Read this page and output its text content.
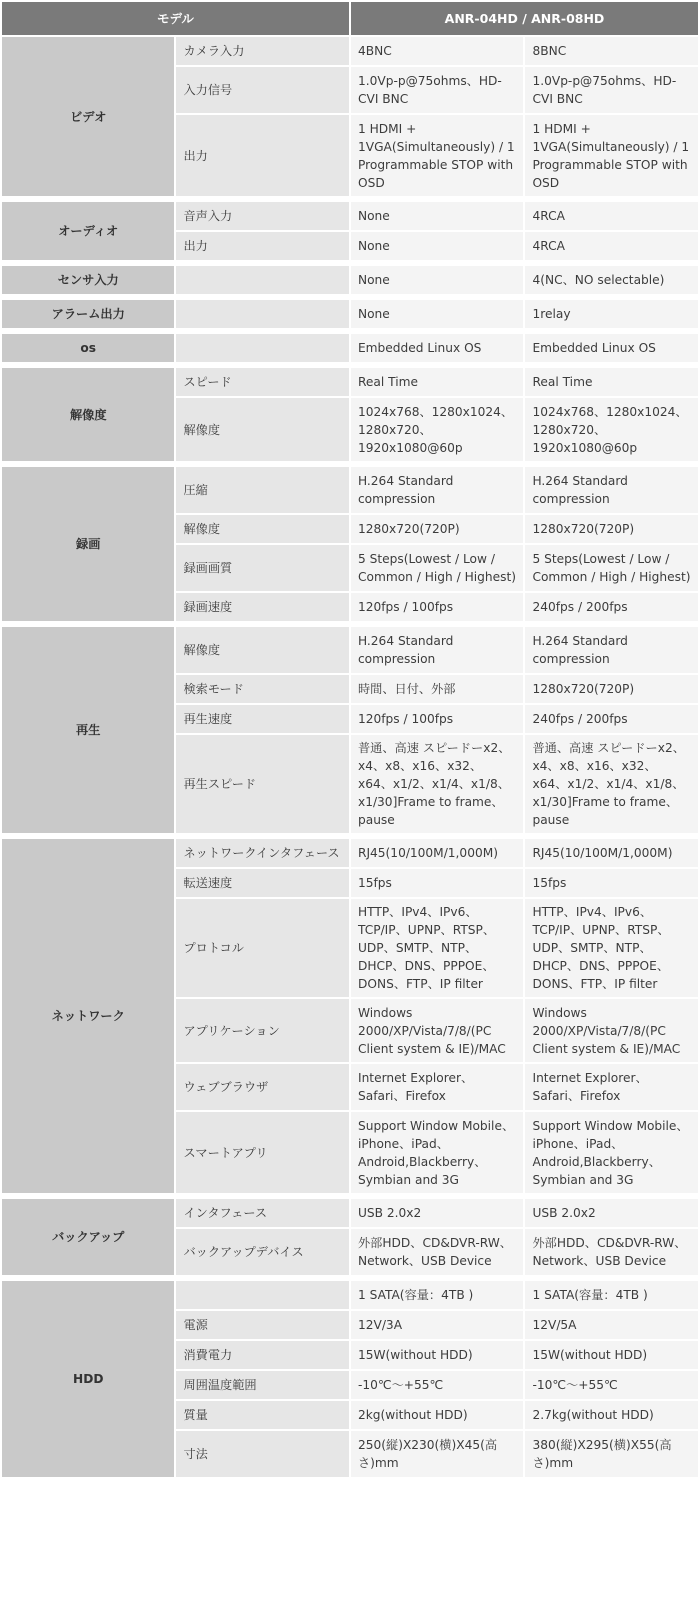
モデル		ANR-04HD / ANR-08HD	
ビデオ	カメラ入力	4BNC	8BNC
	入力信号	1.0Vp-p@75ohms、HD-CVI BNC	1.0Vp-p@75ohms、HD-CVI BNC
	出力	1 HDMI + 1VGA(Simultaneously) / 1 Programmable STOP with OSD	1 HDMI + 1VGA(Simultaneously) / 1 Programmable STOP with OSD

オーディオ	音声入力	None	4RCA
	出力	None	4RCA

センサ入力		None	4(NC、NO selectable)

アラーム出力		None	1relay

os		Embedded Linux OS	Embedded Linux OS

解像度	スピード	Real Time	Real Time
	解像度	1024x768、1280x1024、1280x720、1920x1080@60p	1024x768、1280x1024、1280x720、1920x1080@60p

録画	圧縮	H.264 Standard compression	H.264 Standard compression
	解像度	1280x720(720P)	1280x720(720P)
	録画画質	5 Steps(Lowest / Low / Common / High / Highest)	5 Steps(Lowest / Low / Common / High / Highest)
	録画速度	120fps / 100fps	240fps / 200fps

再生	解像度	H.264 Standard compression	H.264 Standard compression
	検索モード	時間、日付、外部	1280x720(720P)
	再生速度	120fps / 100fps	240fps / 200fps
	再生スピード	普通、高速 スピードーx2、x4、x8、x16、x32、x64、x1/2、x1/4、x1/8、x1/30]Frame to frame、pause	普通、高速 スピードーx2、x4、x8、x16、x32、x64、x1/2、x1/4、x1/8、x1/30]Frame to frame、pause

ネットワーク	ネットワークインタフェース	RJ45(10/100M/1,000M)	RJ45(10/100M/1,000M)
	転送速度	15fps	15fps
	プロトコル	HTTP、IPv4、IPv6、TCP/IP、UPNP、RTSP、UDP、SMTP、NTP、DHCP、DNS、PPPOE、DONS、FTP、IP filter	HTTP、IPv4、IPv6、TCP/IP、UPNP、RTSP、UDP、SMTP、NTP、DHCP、DNS、PPPOE、DONS、FTP、IP filter
	アプリケーション	Windows 2000/XP/Vista/7/8/(PC Client system & IE)/MAC	Windows 2000/XP/Vista/7/8/(PC Client system & IE)/MAC
	ウェブブラウザ	Internet Explorer、Safari、Firefox	Internet Explorer、Safari、Firefox
	スマートアプリ	Support Window Mobile、iPhone、iPad、Android,Blackberry、Symbian and 3G	Support Window Mobile、iPhone、iPad、Android,Blackberry、Symbian and 3G

バックアップ	インタフェース	USB 2.0x2	USB 2.0x2
	バックアップデバイス	外部HDD、CD&DVR-RW、Network、USB Device	外部HDD、CD&DVR-RW、Network、USB Device

HDD		1 SATA(容量：4TB )	1 SATA(容量：4TB )
	電源	12V/3A	12V/5A
	消費電力	15W(without HDD)	15W(without HDD)
	周囲温度範囲	-10℃～+55℃	-10℃～+55℃
	質量	2kg(without HDD)	2.7kg(without HDD)
	寸法	250(縦)X230(横)X45(高さ)mm	380(縦)X295(横)X55(高さ)mm
